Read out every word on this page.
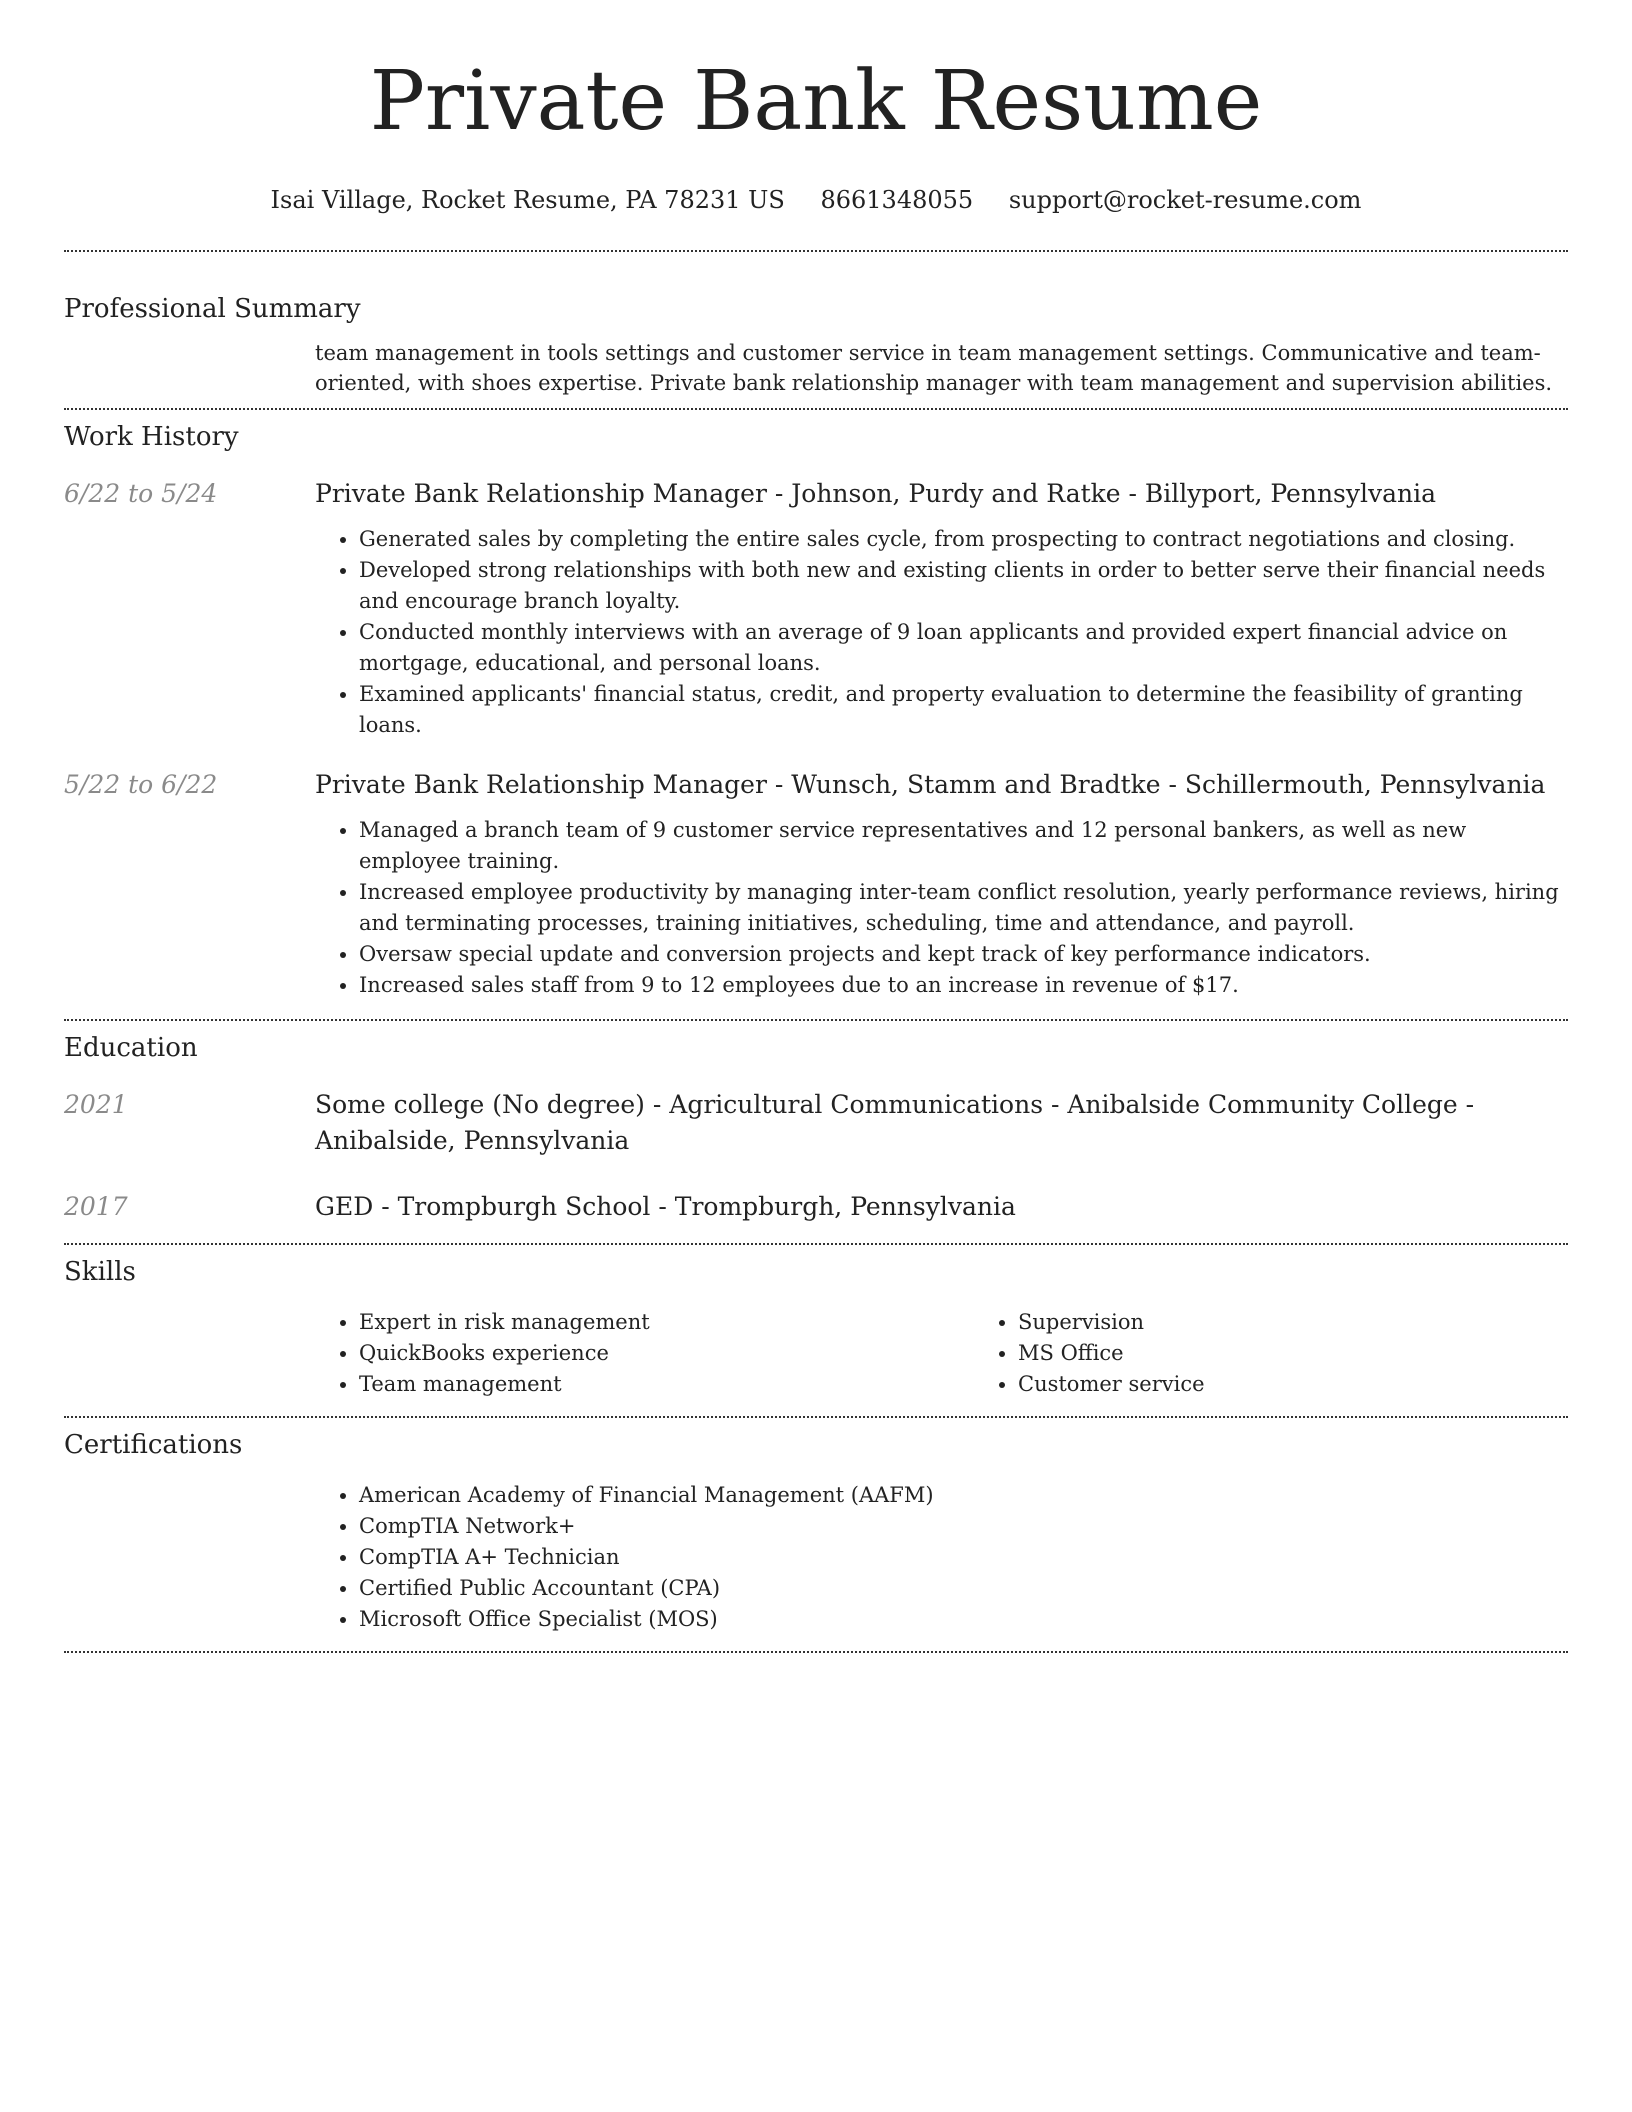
Private Bank Resume
Isai Village, Rocket Resume, PA 78231 US 8661348055 support@rocket-resume.com
Professional Summary
team management in tools settings and customer service in team management settings. Communicative and team-oriented, with shoes expertise. Private bank relationship manager with team management and supervision abilities.
Work History
6/22 to 5/24	Private Bank Relationship Manager - Johnson, Purdy and Ratke - Billyport, Pennsylvania
• Generated sales by completing the entire sales cycle, from prospecting to contract negotiations and closing.
• Developed strong relationships with both new and existing clients in order to better serve their financial needs and encourage branch loyalty.
• Conducted monthly interviews with an average of 9 loan applicants and provided expert financial advice on mortgage, educational, and personal loans.
• Examined applicants' financial status, credit, and property evaluation to determine the feasibility of granting loans.
5/22 to 6/22	Private Bank Relationship Manager - Wunsch, Stamm and Bradtke - Schillermouth, Pennsylvania
• Managed a branch team of 9 customer service representatives and 12 personal bankers, as well as new employee training.
• Increased employee productivity by managing inter-team conflict resolution, yearly performance reviews, hiring and terminating processes, training initiatives, scheduling, time and attendance, and payroll.
• Oversaw special update and conversion projects and kept track of key performance indicators.
• Increased sales staff from 9 to 12 employees due to an increase in revenue of $17.
Education
2021	Some college (No degree) - Agricultural Communications - Anibalside Community College - Anibalside, Pennsylvania
2017	GED - Trompburgh School - Trompburgh, Pennsylvania
Skills
• Expert in risk management
• QuickBooks experience
• Team management
• Supervision
• MS Office
• Customer service
Certifications
• American Academy of Financial Management (AAFM)
• CompTIA Network+
• CompTIA A+ Technician
• Certified Public Accountant (CPA)
• Microsoft Office Specialist (MOS)
